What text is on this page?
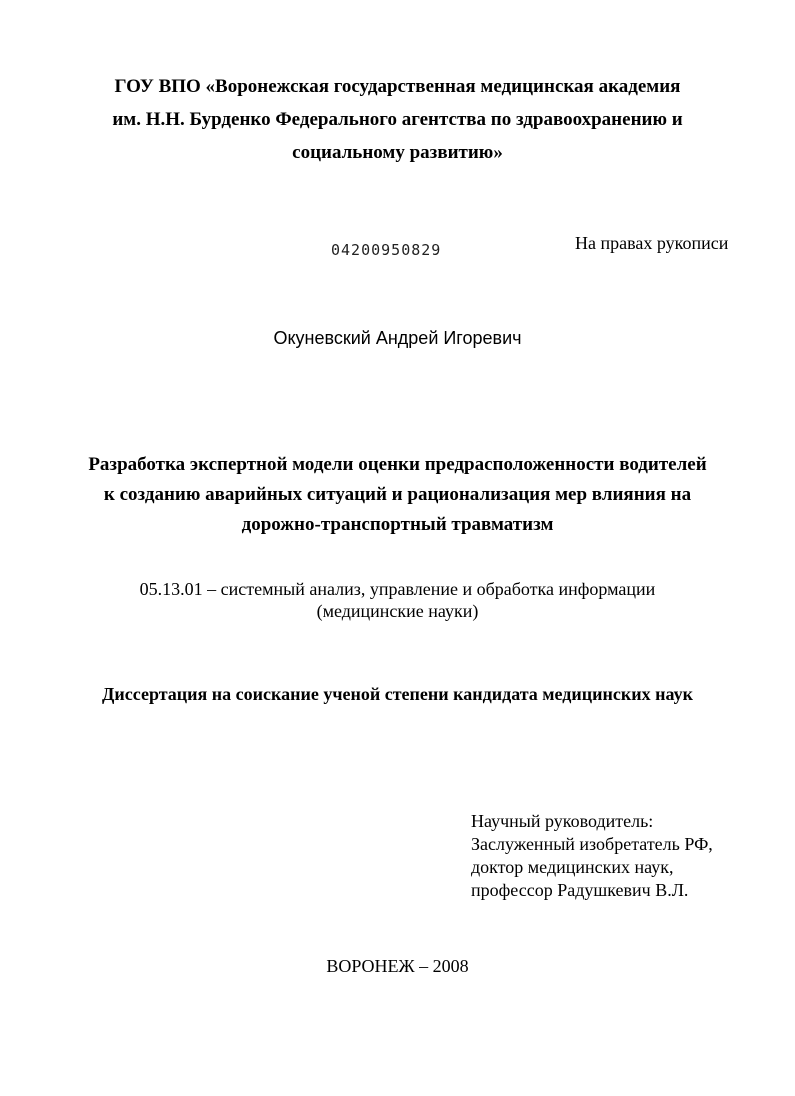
ГОУ ВПО «Воронежская государственная медицинская академия
им. Н.Н. Бурденко Федерального агентства по здравоохранению и
социальному развитию»
04200950829	На правах рукописи
Окуневский Андрей Игоревич
Разработка экспертной модели оценки предрасположенности водителей
к созданию аварийных ситуаций и рационализация мер влияния на
дорожно-транспортный травматизм
05.13.01 – системный анализ, управление и обработка информации
(медицинские науки)
Диссертация на соискание ученой степени кандидата медицинских наук
Научный руководитель:
Заслуженный изобретатель РФ,
доктор медицинских наук,
профессор Радушкевич В.Л.
ВОРОНЕЖ – 2008
